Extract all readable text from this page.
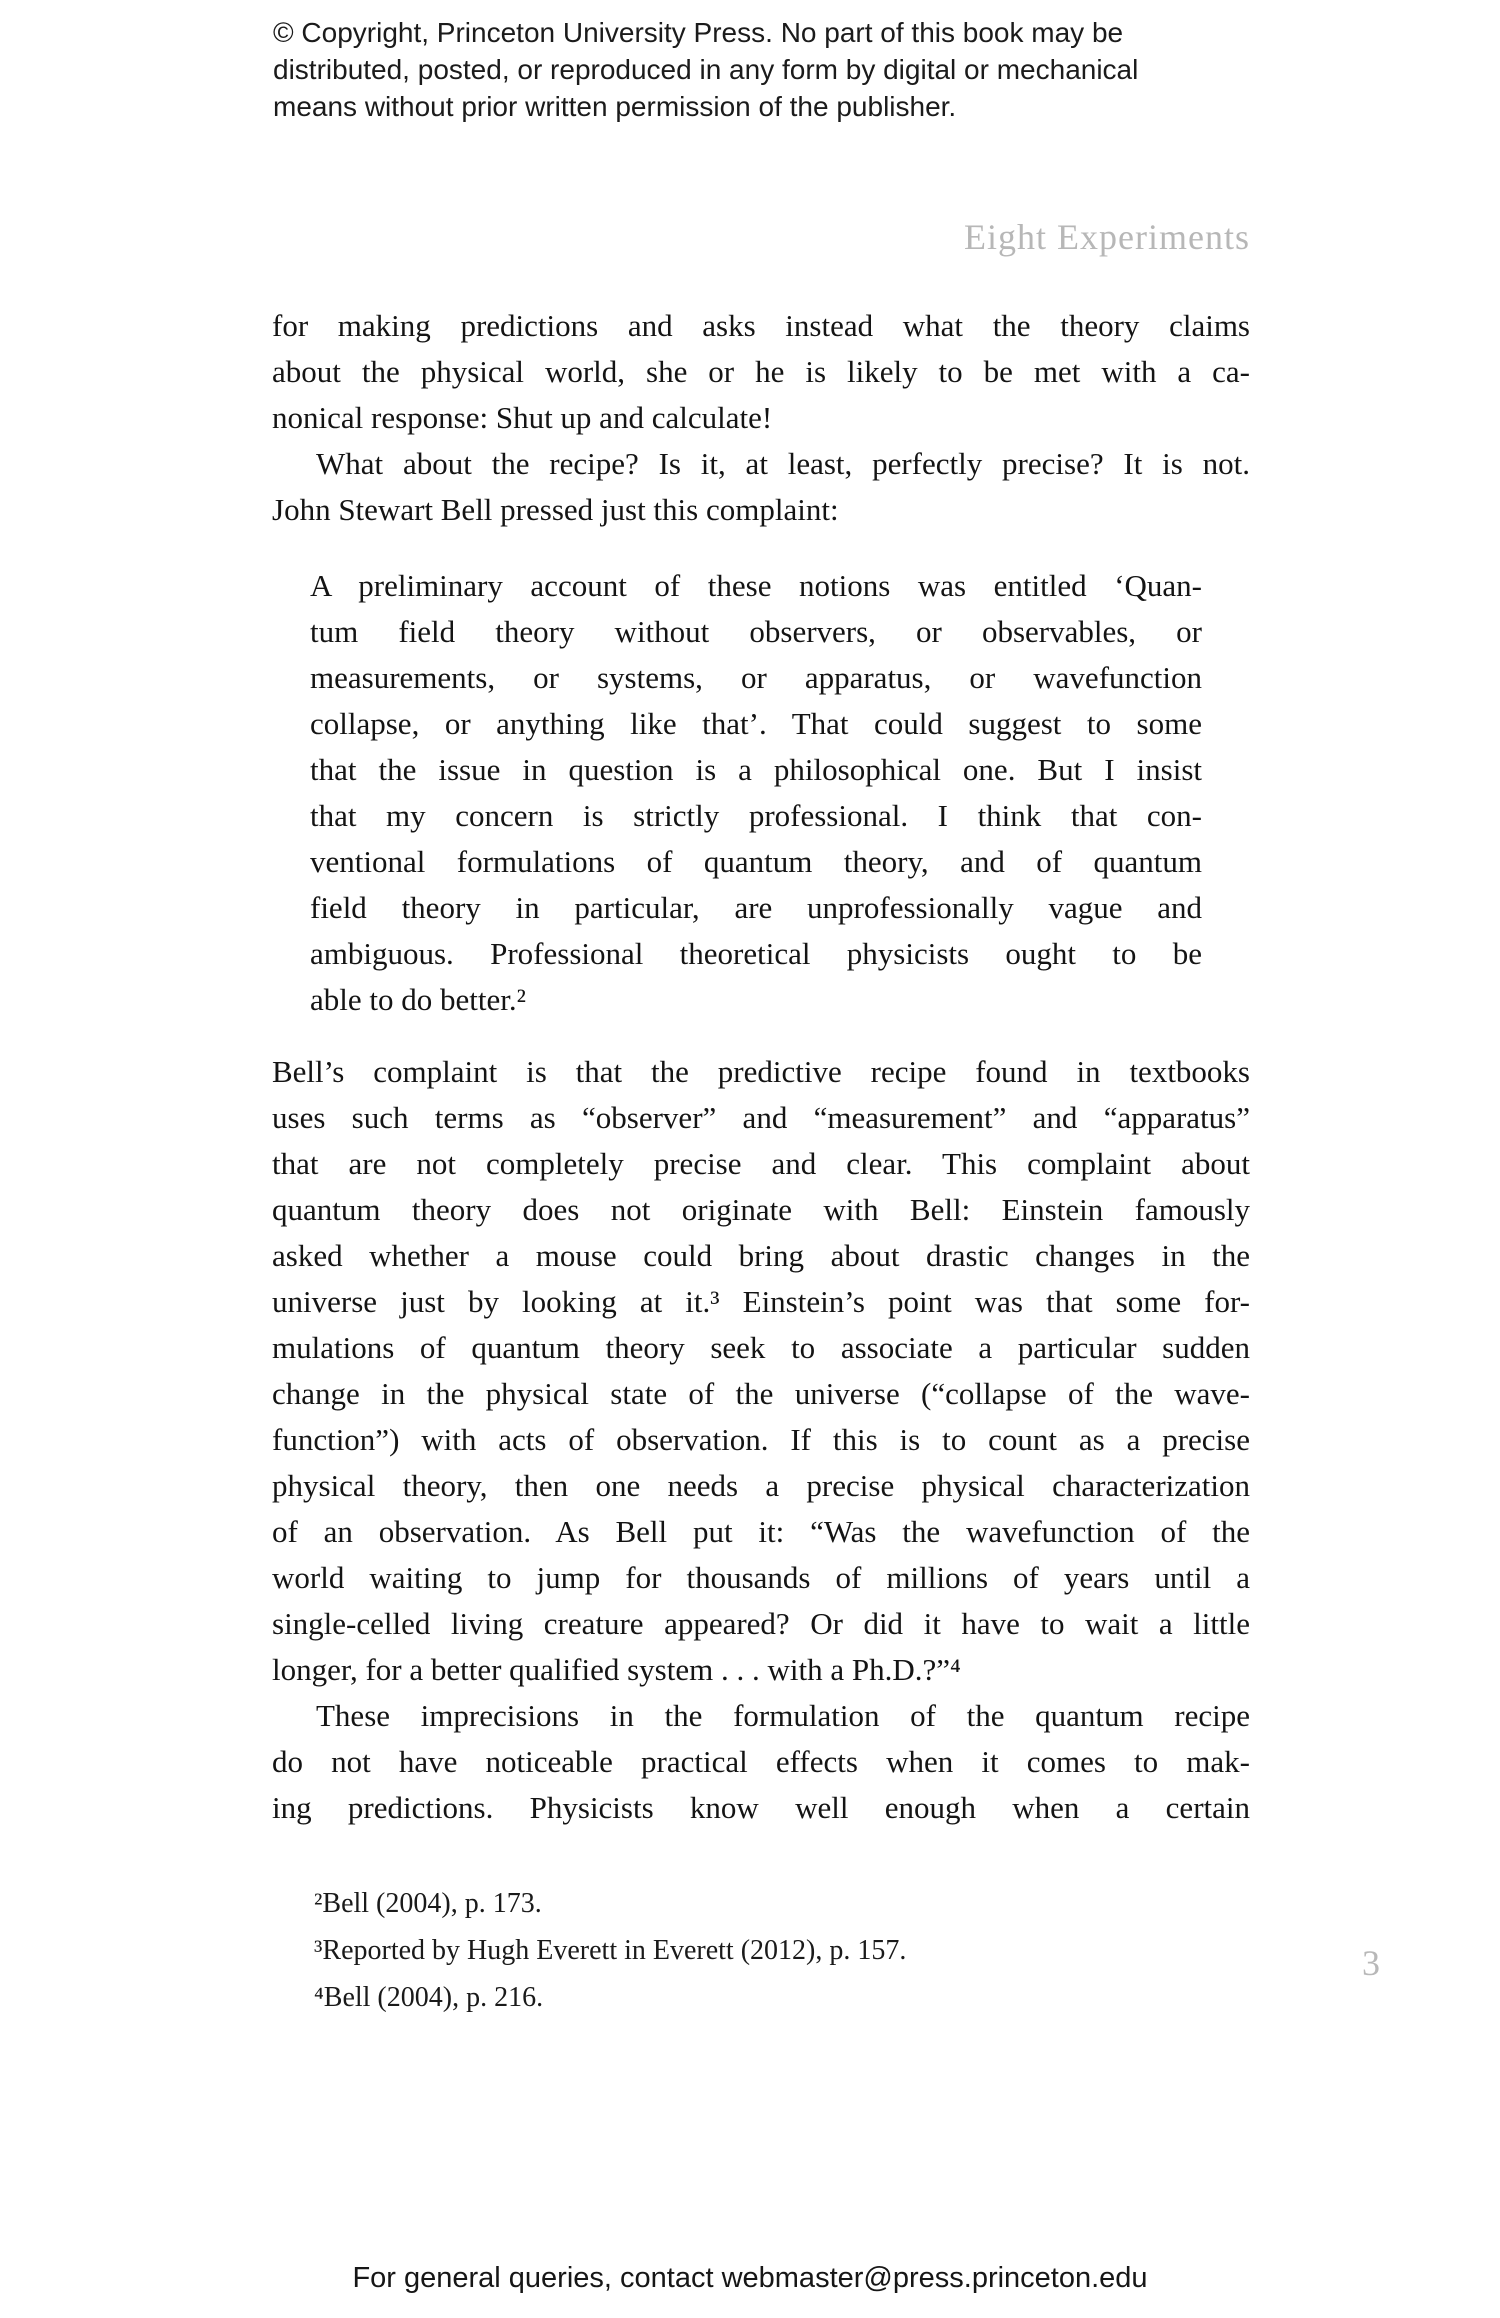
© Copyright, Princeton University Press. No part of this book may be
distributed, posted, or reproduced in any form by digital or mechanical
means without prior written permission of the publisher.
Eight Experiments
for making predictions and asks instead what the theory claims
about the physical world, she or he is likely to be met with a ca-
nonical response: Shut up and calculate!
What about the recipe? Is it, at least, perfectly precise? It is not.
John Stewart Bell pressed just this complaint:
A preliminary account of these notions was entitled ‘Quan-
tum field theory without observers, or observables, or
measurements, or systems, or apparatus, or wavefunction
collapse, or anything like that’. That could suggest to some
that the issue in question is a philosophical one. But I insist
that my concern is strictly professional. I think that con-
ventional formulations of quantum theory, and of quantum
field theory in particular, are unprofessionally vague and
ambiguous. Professional theoretical physicists ought to be
able to do better.²
Bell’s complaint is that the predictive recipe found in textbooks
uses such terms as “observer” and “measurement” and “apparatus”
that are not completely precise and clear. This complaint about
quantum theory does not originate with Bell: Einstein famously
asked whether a mouse could bring about drastic changes in the
universe just by looking at it.³ Einstein’s point was that some for-
mulations of quantum theory seek to associate a particular sudden
change in the physical state of the universe (“collapse of the wave-
function”) with acts of observation. If this is to count as a precise
physical theory, then one needs a precise physical characterization
of an observation. As Bell put it: “Was the wavefunction of the
world waiting to jump for thousands of millions of years until a
single-celled living creature appeared? Or did it have to wait a little
longer, for a better qualified system . . . with a Ph.D.?”⁴
These imprecisions in the formulation of the quantum recipe
do not have noticeable practical effects when it comes to mak-
ing predictions. Physicists know well enough when a certain
²Bell (2004), p. 173.
³Reported by Hugh Everett in Everett (2012), p. 157.
⁴Bell (2004), p. 216.
3
For general queries, contact webmaster@press.princeton.edu
